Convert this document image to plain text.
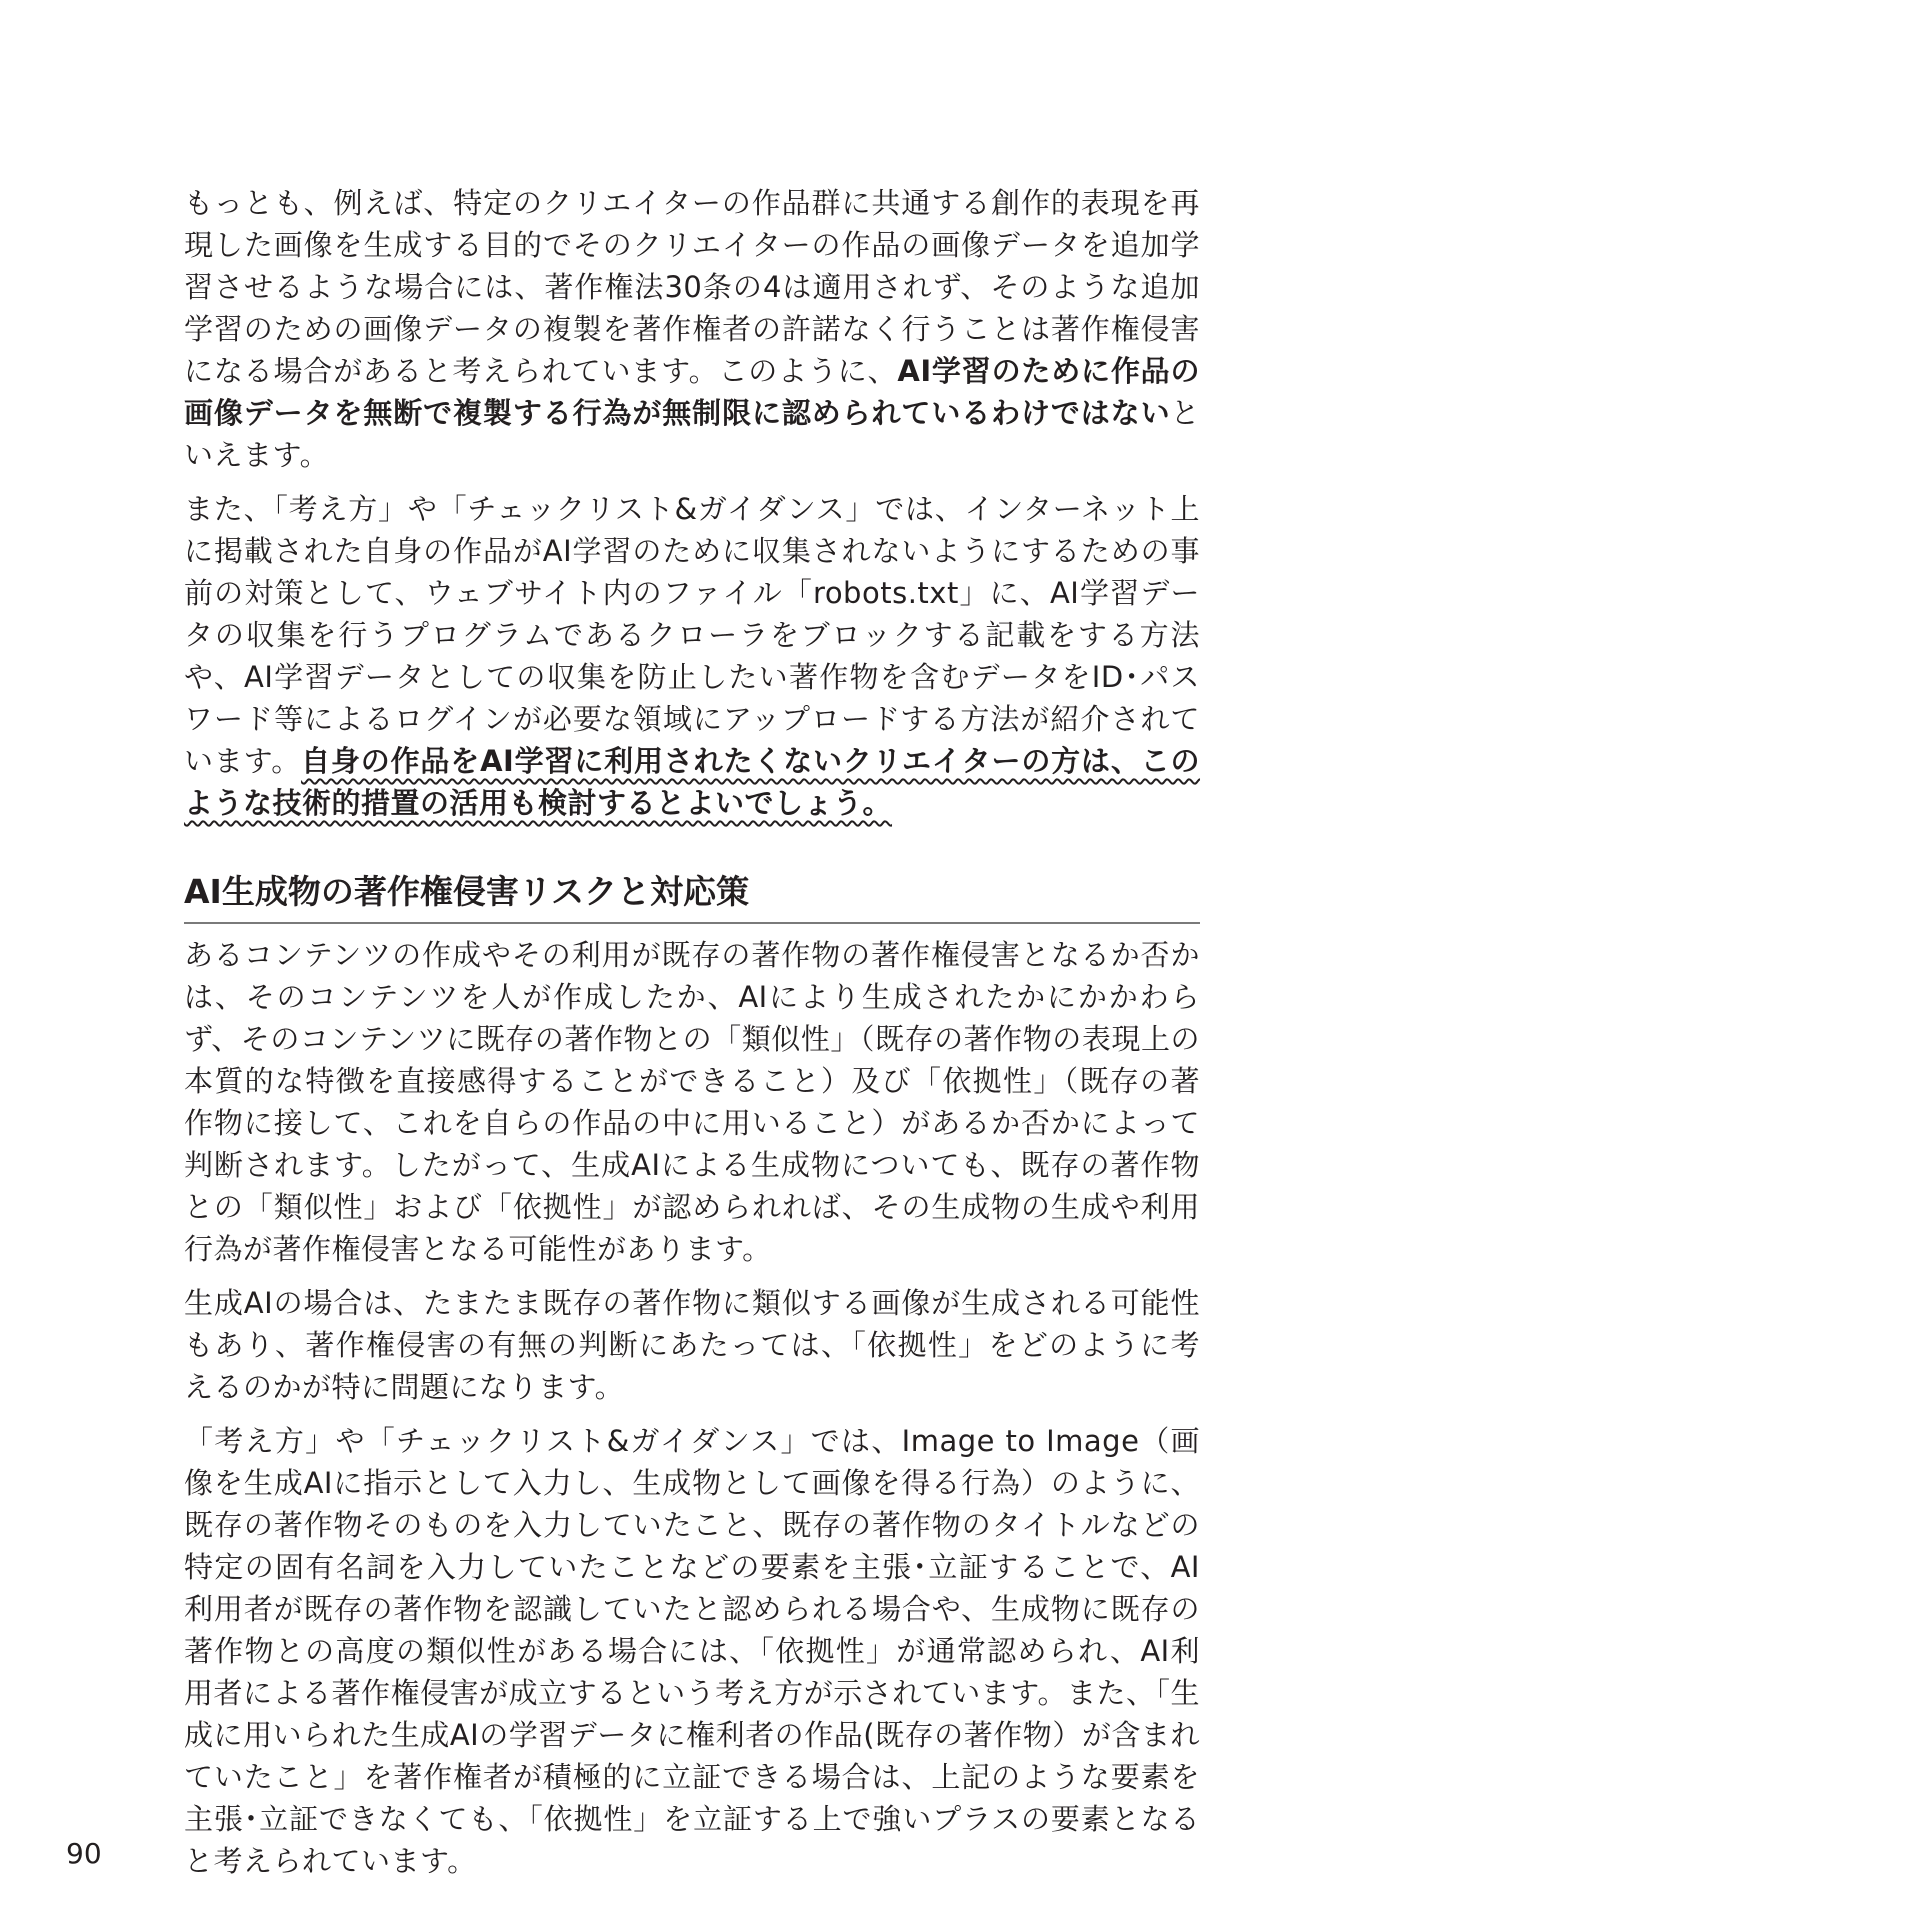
もっとも、例えば、特定のクリエイターの作品群に共通する創作的表現を再現した画像を生成する目的でそのクリエイターの作品の画像データを追加学習させるような場合には、著作権法30条の4は適用されず、そのような追加学習のための画像データの複製を著作権者の許諾なく行うことは著作権侵害になる場合があると考えられています。このように、AI学習のために作品の画像データを無断で複製する行為が無制限に認められているわけではないといえます。

また、「考え方」や「チェックリスト&ガイダンス」では、インターネット上に掲載された自身の作品がAI学習のために収集されないようにするための事前の対策として、ウェブサイト内のファイル「robots.txt」に、AI学習データの収集を行うプログラムであるクローラをブロックする記載をする方法や、AI学習データとしての収集を防止したい著作物を含むデータをID･パスワード等によるログインが必要な領域にアップロードする方法が紹介されています。自身の作品をAI学習に利用されたくないクリエイターの方は、このような技術的措置の活用も検討するとよいでしょう。

AI生成物の著作権侵害リスクと対応策

あるコンテンツの作成やその利用が既存の著作物の著作権侵害となるか否かは、そのコンテンツを人が作成したか、AIにより生成されたかにかかわらず、そのコンテンツに既存の著作物との「類似性」（既存の著作物の表現上の本質的な特徴を直接感得することができること）及び「依拠性」（既存の著作物に接して、これを自らの作品の中に用いること）があるか否かによって判断されます。したがって、生成AIによる生成物についても、既存の著作物との「類似性」および「依拠性」が認められれば、その生成物の生成や利用行為が著作権侵害となる可能性があります。

生成AIの場合は、たまたま既存の著作物に類似する画像が生成される可能性もあり、著作権侵害の有無の判断にあたっては、「依拠性」をどのように考えるのかが特に問題になります。

「考え方」や「チェックリスト&ガイダンス」では、Image to Image（画像を生成AIに指示として入力し、生成物として画像を得る行為）のように、既存の著作物そのものを入力していたこと、既存の著作物のタイトルなどの特定の固有名詞を入力していたことなどの要素を主張･立証することで、AI利用者が既存の著作物を認識していたと認められる場合や、生成物に既存の著作物との高度の類似性がある場合には、「依拠性」が通常認められ、AI利用者による著作権侵害が成立するという考え方が示されています。また、「生成に用いられた生成AIの学習データに権利者の作品(既存の著作物）が含まれていたこと」を著作権者が積極的に立証できる場合は、上記のような要素を主張･立証できなくても、「依拠性」を立証する上で強いプラスの要素となると考えられています。

90
